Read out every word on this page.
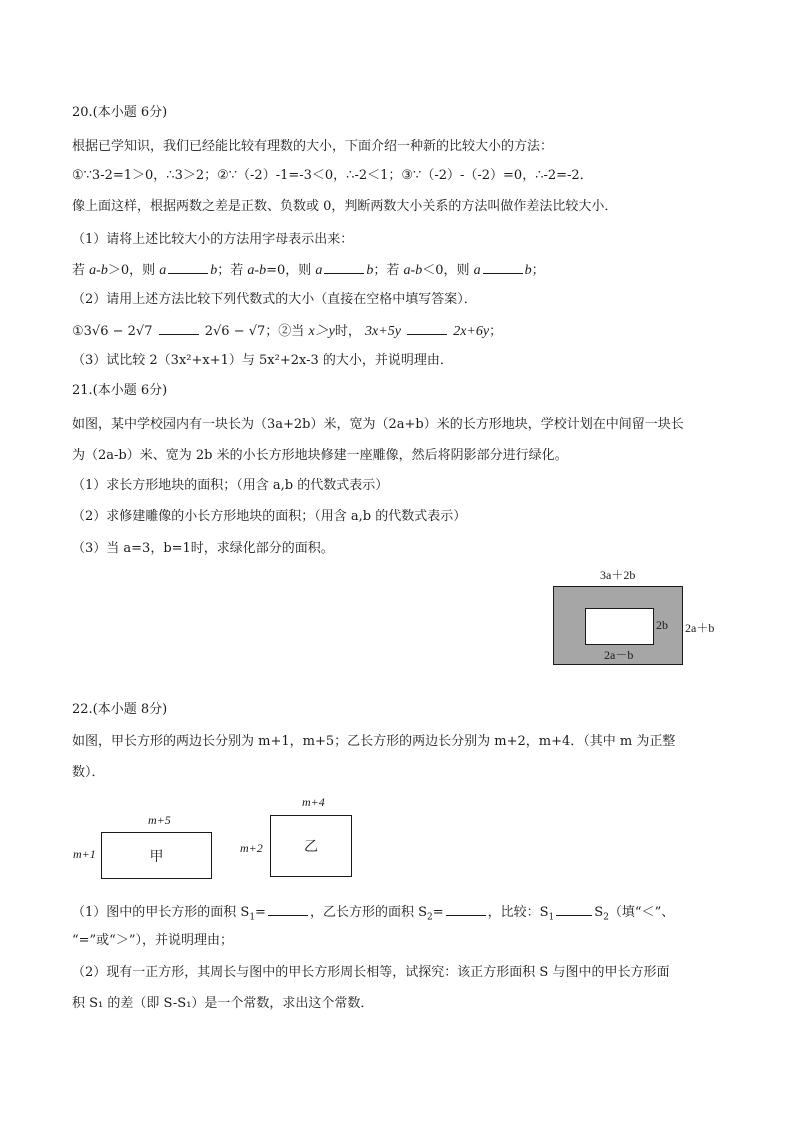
20.(本小题 6分)
根据已学知识，我们已经能比较有理数的大小，下面介绍一种新的比较大小的方法：
①∵3-2=1＞0，∴3＞2；②∵（-2）-1=-3＜0，∴-2＜1；③∵（-2）-（-2）=0，∴-2=-2．
像上面这样，根据两数之差是正数、负数或 0，判断两数大小关系的方法叫做作差法比较大小．
（1）请将上述比较大小的方法用字母表示出来：
若 a-b＞0，则 a	b；若 a-b=0，则 a	b；若 a-b＜0，则 a	b；
（2）请用上述方法比较下列代数式的大小（直接在空格中填写答案）．
①3√6 − 2√7	2√6 − √7；②当 x＞y时， 3x+5y	2x+6y；
（3）试比较 2（3x²+x+1）与 5x²+2x-3 的大小，并说明理由．
21.(本小题 6分)
如图，某中学校园内有一块长为（3a+2b）米，宽为（2a+b）米的长方形地块，学校计划在中间留一块长
为（2a-b）米、宽为 2b 米的小长方形地块修建一座雕像，然后将阴影部分进行绿化。
（1）求长方形地块的面积；（用含 a,b 的代数式表示）
（2）求修建雕像的小长方形地块的面积；（用含 a,b 的代数式表示）
（3）当 a=3，b=1时，求绿化部分的面积。
3a＋2b
2b
2a－b
2a＋b
22.(本小题 8分)
如图，甲长方形的两边长分别为 m+1，m+5；乙长方形的两边长分别为 m+2，m+4．（其中 m 为正整
数）．
m+5
m+1	甲
m+4
m+2	乙
（1）图中的甲长方形的面积 $S_1=$	，乙长方形的面积 $S_2=$	，比较：$S_1$	$S_2$（填“＜”、
“=”或“＞”），并说明理由；
（2）现有一正方形，其周长与图中的甲长方形周长相等，试探究：该正方形面积 S 与图中的甲长方形面
积 S₁ 的差（即 S-S₁）是一个常数，求出这个常数．
